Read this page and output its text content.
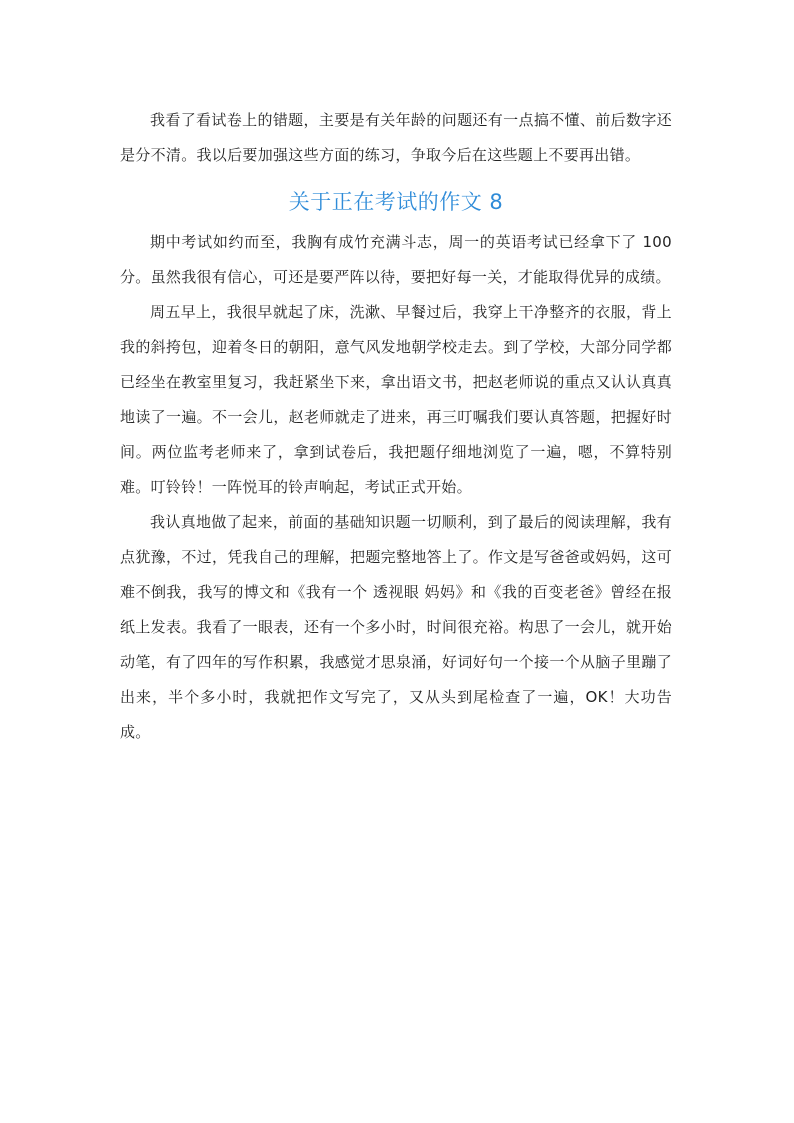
我看了看试卷上的错题，主要是有关年龄的问题还有一点搞不懂、前后数字还是分不清。我以后要加强这些方面的练习，争取今后在这些题上不要再出错。

关于正在考试的作文 8

期中考试如约而至，我胸有成竹充满斗志，周一的英语考试已经拿下了 100 分。虽然我很有信心，可还是要严阵以待，要把好每一关，才能取得优异的成绩。

周五早上，我很早就起了床，洗漱、早餐过后，我穿上干净整齐的衣服，背上我的斜挎包，迎着冬日的朝阳，意气风发地朝学校走去。到了学校，大部分同学都已经坐在教室里复习，我赶紧坐下来，拿出语文书，把赵老师说的重点又认认真真地读了一遍。不一会儿，赵老师就走了进来，再三叮嘱我们要认真答题，把握好时间。两位监考老师来了，拿到试卷后，我把题仔细地浏览了一遍，嗯，不算特别难。叮铃铃！一阵悦耳的铃声响起，考试正式开始。

我认真地做了起来，前面的基础知识题一切顺利，到了最后的阅读理解，我有点犹豫，不过，凭我自己的理解，把题完整地答上了。作文是写爸爸或妈妈，这可难不倒我，我写的博文和《我有一个 透视眼 妈妈》和《我的百变老爸》曾经在报纸上发表。我看了一眼表，还有一个多小时，时间很充裕。构思了一会儿，就开始动笔，有了四年的写作积累，我感觉才思泉涌，好词好句一个接一个从脑子里蹦了出来，半个多小时，我就把作文写完了，又从头到尾检查了一遍，OK！大功告成。
